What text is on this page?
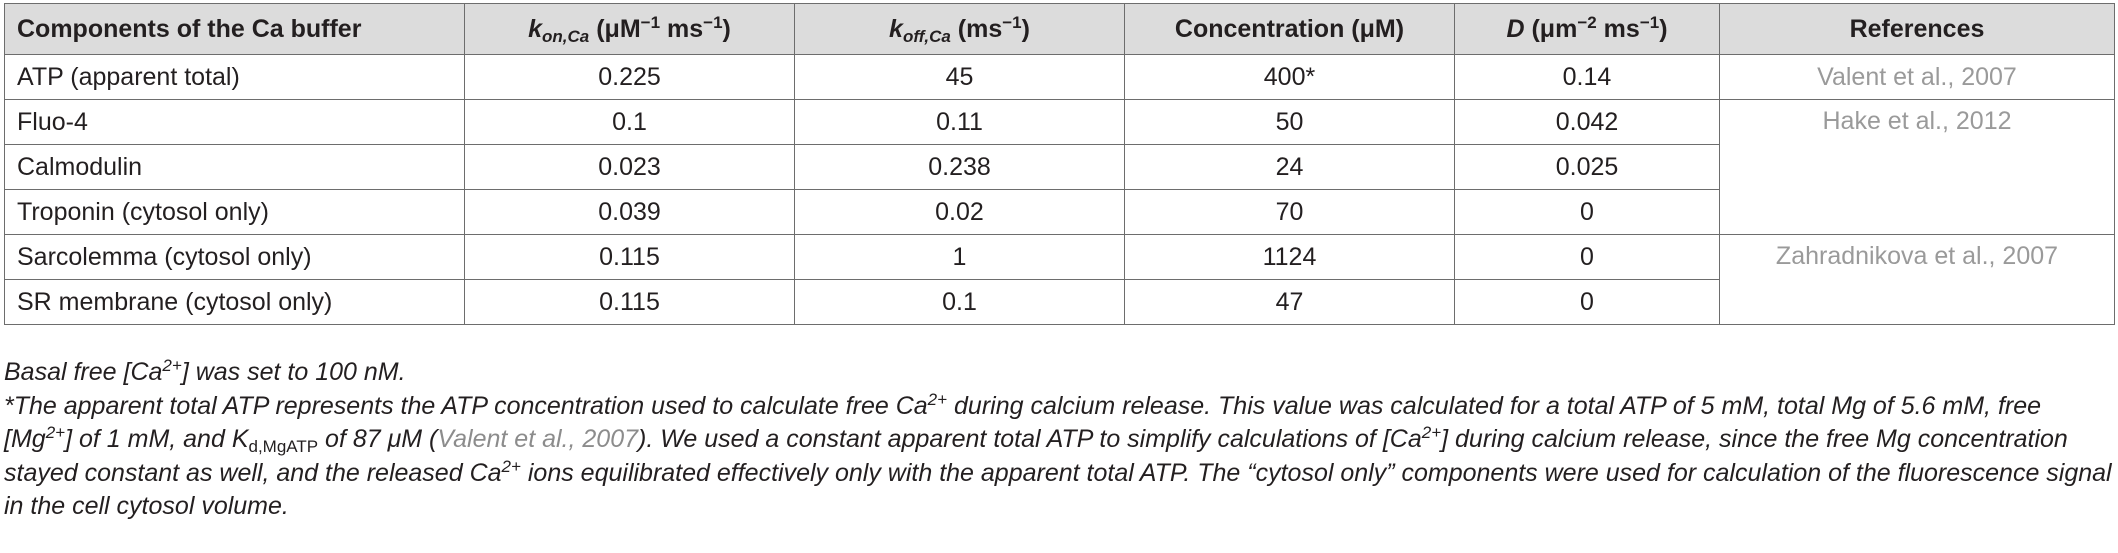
Components of the Ca buffer	$k_{on,Ca}$ ($\mu M^{-1}$ $ms^{-1}$)	$k_{off,Ca}$ $(ms^{-1})$	Concentration (μM)	D ($\mu m^{-2}$ $ms^{-1}$)	References
ATP (apparent total)	0.225	45	400*	0.14	Valent et al., 2007
Fluo-4	0.1	0.11	50	0.042	Hake et al., 2012
Calmodulin	0.023	0.238	24	0.025	
Troponin (cytosol only)	0.039	0.02	70	0	
Sarcolemma (cytosol only)	0.115	1	1124	0	Zahradnikova et al., 2007
SR membrane (cytosol only)	0.115	0.1	47	0	

Basal free $[Ca^{2+}]$ was set to 100 nM.

*The apparent total ATP represents the ATP concentration used to calculate free $Ca^{2+}$ during calcium release. This value was calculated for a total ATP of 5 mM, total Mg of 5.6 mM, free $[Mg^{2+}]$ of 1 mM, and $K_{d,MgATP}$ of 87 μM (Valent et al., 2007). We used a constant apparent total ATP to simplify calculations of $[Ca^{2+}]$ during calcium release, since the free Mg concentration stayed constant as well, and the released $Ca^{2+}$ ions equilibrated effectively only with the apparent total ATP. The “cytosol only” components were used for calculation of the fluorescence signal in the cell cytosol volume.
